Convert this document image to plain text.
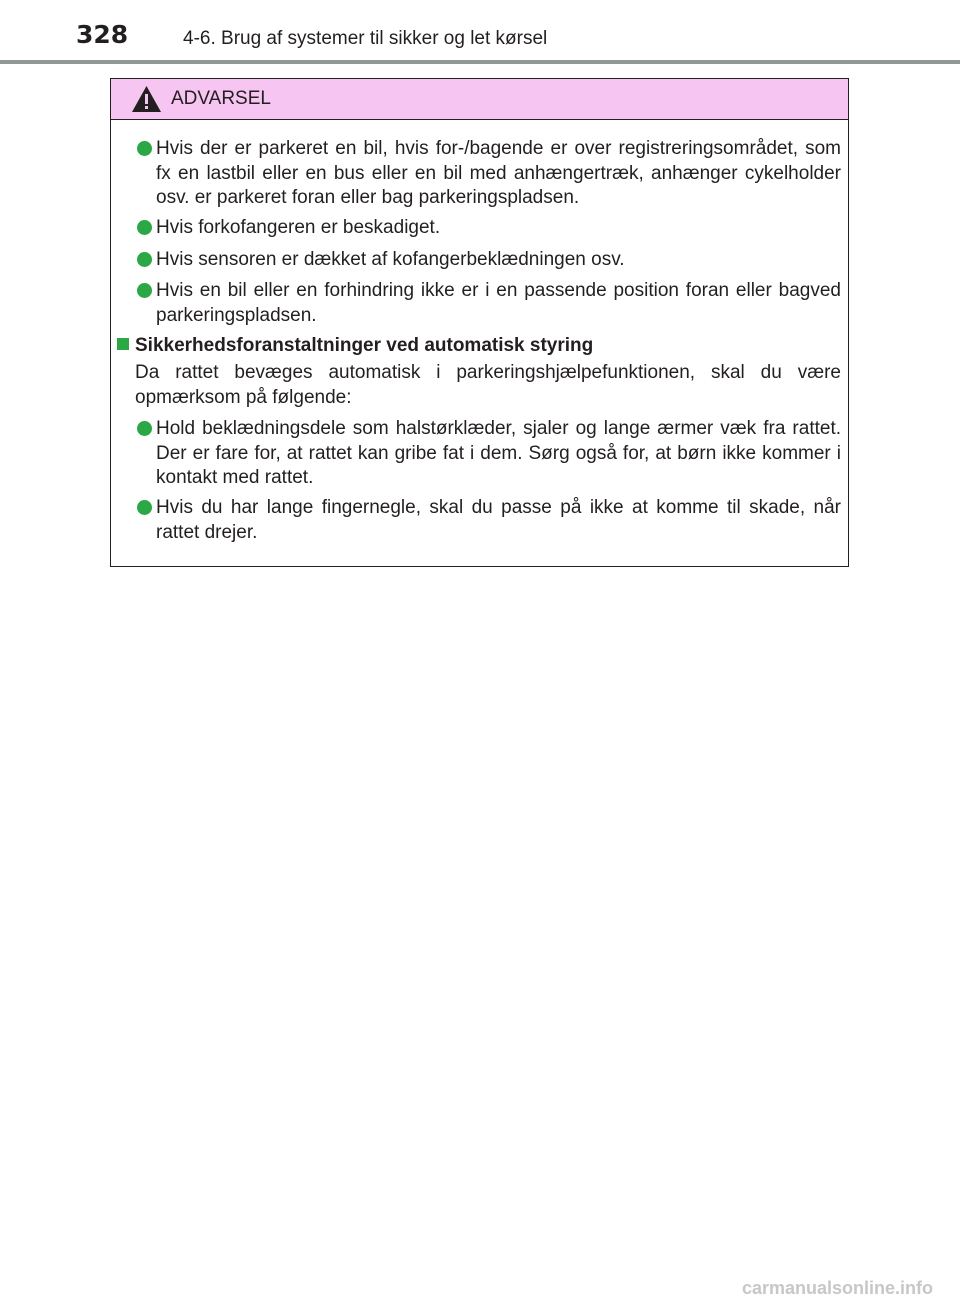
328	4-6. Brug af systemer til sikker og let kørsel
ADVARSEL
Hvis der er parkeret en bil, hvis for-/bagende er over registreringsområdet, som fx en lastbil eller en bus eller en bil med anhængertræk, anhænger cykelholder osv. er parkeret foran eller bag parkeringspladsen.
Hvis forkofangeren er beskadiget.
Hvis sensoren er dækket af kofangerbeklædningen osv.
Hvis en bil eller en forhindring ikke er i en passende position foran eller bagved parkeringspladsen.
Sikkerhedsforanstaltninger ved automatisk styring
Da rattet bevæges automatisk i parkeringshjælpefunktionen, skal du være opmærksom på følgende:
Hold beklædningsdele som halstørklæder, sjaler og lange ærmer væk fra rattet. Der er fare for, at rattet kan gribe fat i dem. Sørg også for, at børn ikke kommer i kontakt med rattet.
Hvis du har lange fingernegle, skal du passe på ikke at komme til skade, når rattet drejer.
carmanualsonline.info
